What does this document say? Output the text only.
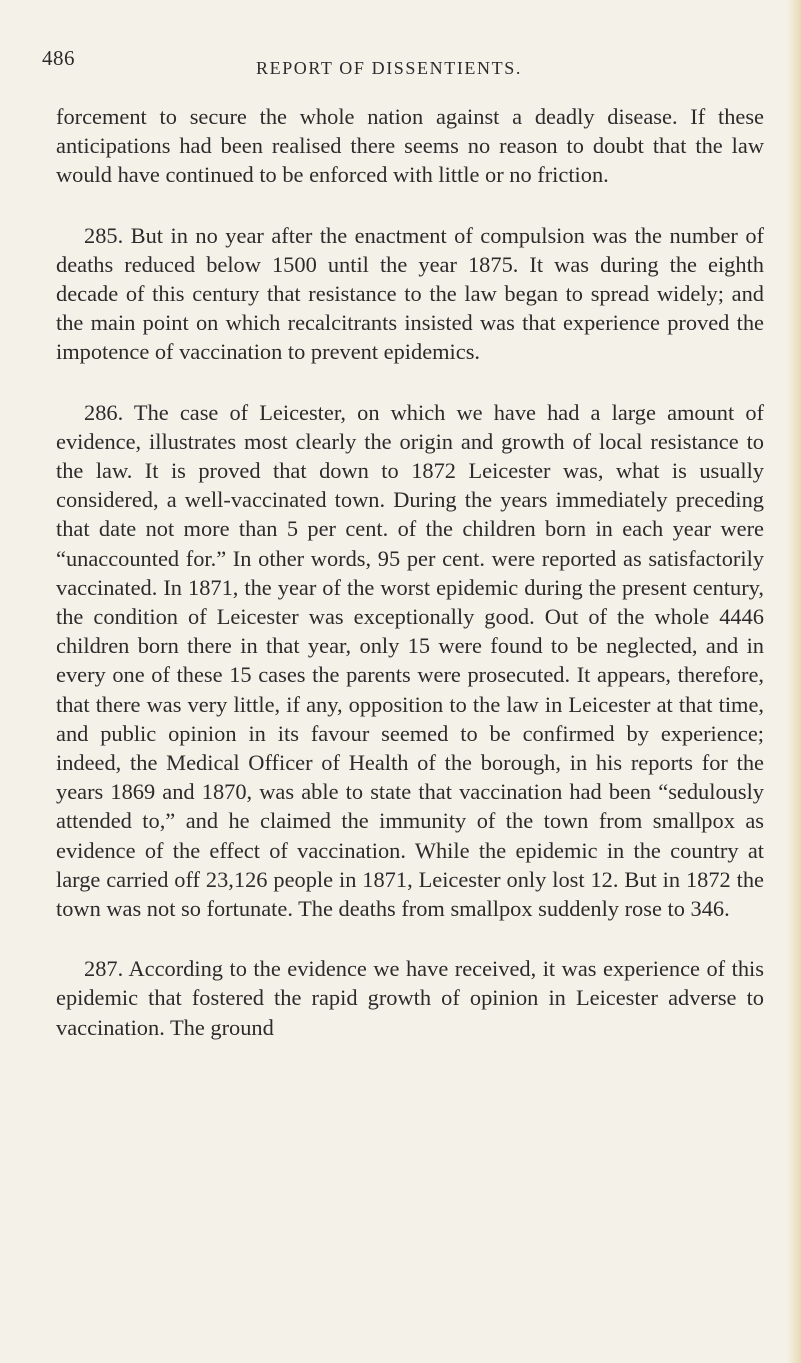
486	REPORT OF DISSENTIENTS.

forcement to secure the whole nation against a deadly disease. If these anticipations had been realised there seems no reason to doubt that the law would have continued to be enforced with little or no friction.

285. But in no year after the enactment of compulsion was the number of deaths reduced below 1500 until the year 1875. It was during the eighth decade of this century that resistance to the law began to spread widely; and the main point on which recalcitrants insisted was that experience proved the impotence of vaccination to prevent epidemics.

286. The case of Leicester, on which we have had a large amount of evidence, illustrates most clearly the origin and growth of local resistance to the law. It is proved that down to 1872 Leicester was, what is usually considered, a well-vaccinated town. During the years immediately preceding that date not more than 5 per cent. of the children born in each year were “unaccounted for.” In other words, 95 per cent. were reported as satisfactorily vaccinated. In 1871, the year of the worst epidemic during the present century, the condition of Leicester was exceptionally good. Out of the whole 4446 children born there in that year, only 15 were found to be neglected, and in every one of these 15 cases the parents were prosecuted. It appears, therefore, that there was very little, if any, opposition to the law in Leicester at that time, and public opinion in its favour seemed to be confirmed by experience; indeed, the Medical Officer of Health of the borough, in his reports for the years 1869 and 1870, was able to state that vaccination had been “sedulously attended to,” and he claimed the immunity of the town from smallpox as evidence of the effect of vaccination. While the epidemic in the country at large carried off 23,126 people in 1871, Leicester only lost 12. But in 1872 the town was not so fortunate. The deaths from smallpox suddenly rose to 346.

287. According to the evidence we have received, it was experience of this epidemic that fostered the rapid growth of opinion in Leicester adverse to vaccination. The ground
